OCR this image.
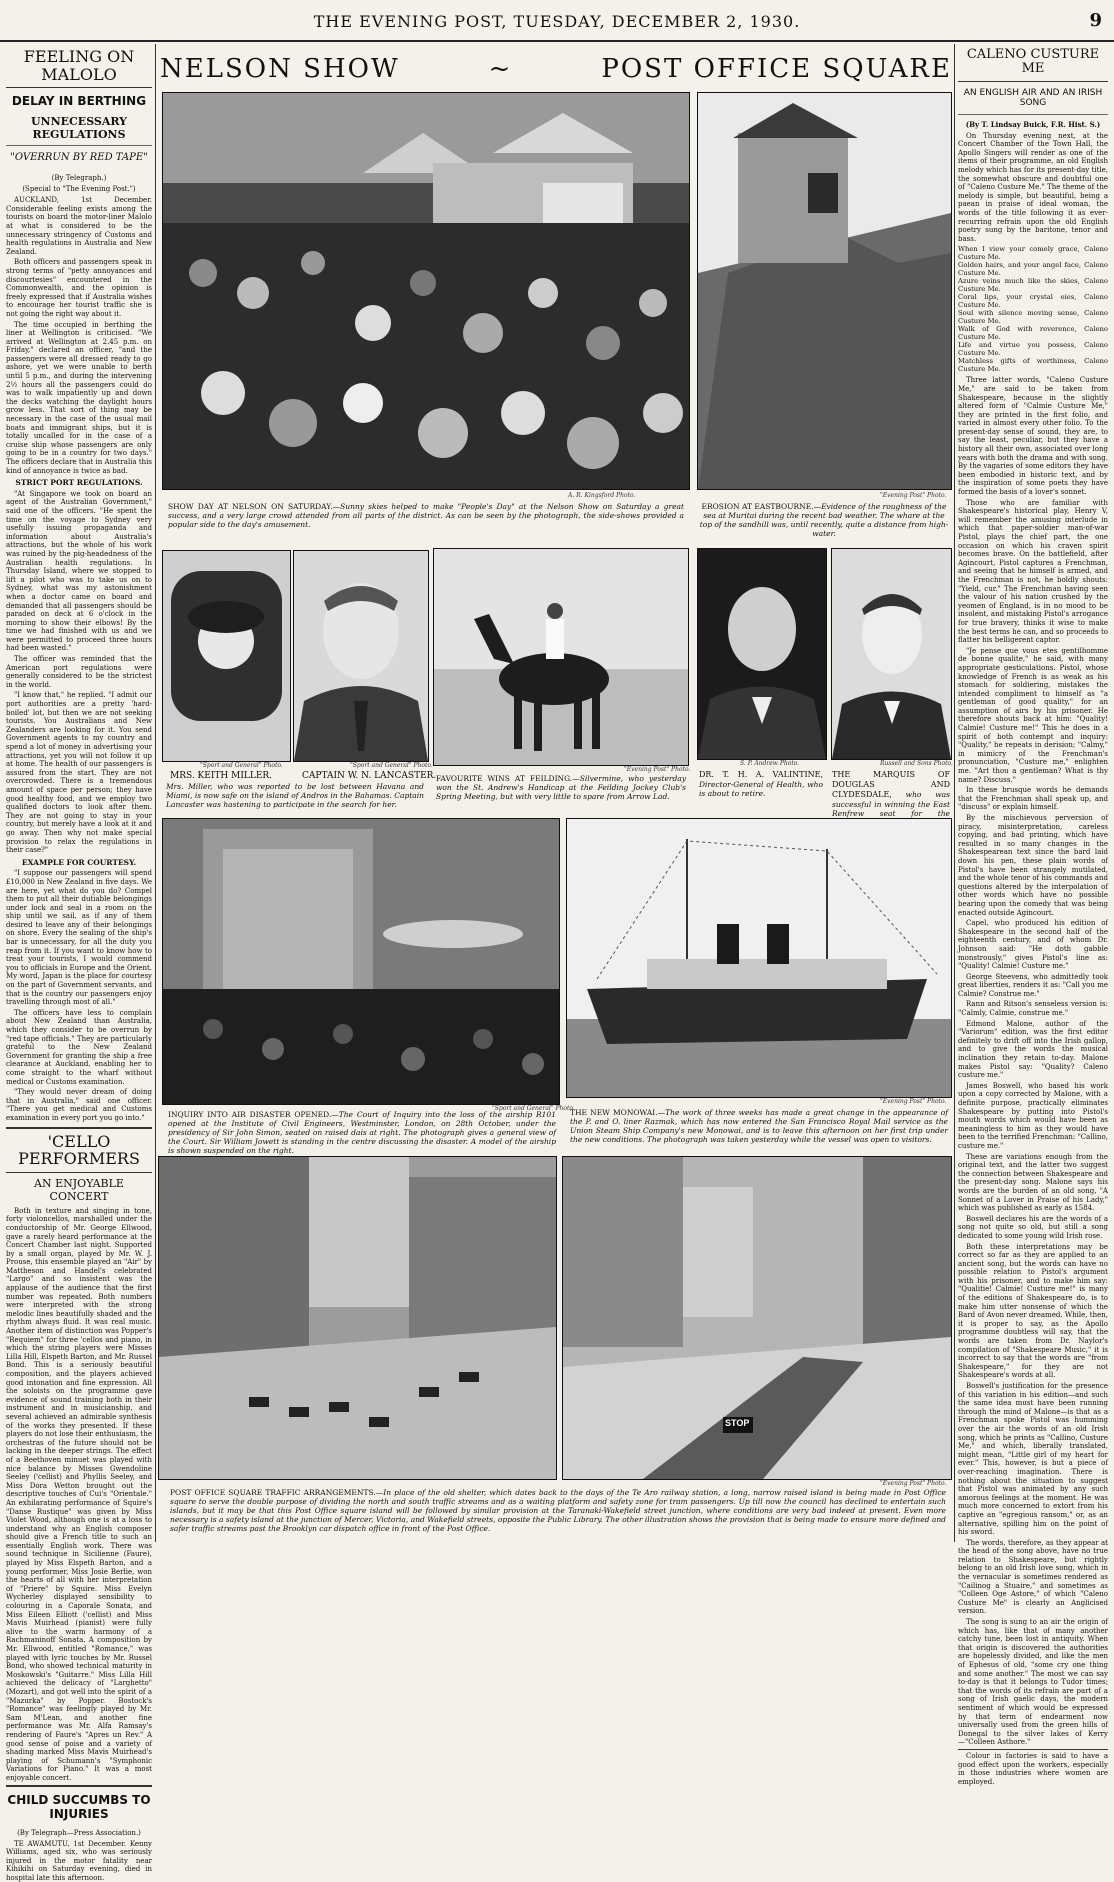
THE EVENING POST, TUESDAY, DECEMBER 2, 1930.	9
FEELING ON MALOLO
DELAY IN BERTHING
UNNECESSARY REGULATIONS
"OVERRUN BY RED TAPE"
(By Telegraph.)
(Special to "The Evening Post.")

AUCKLAND, 1st December. Considerable feeling exists among the tourists on board the motor-liner Malolo at what is considered to be the unnecessary stringency of Customs and health regulations in Australia and New Zealand.

Both officers and passengers speak in strong terms of "petty annoyances and discourtesies" encountered in the Commonwealth, and the opinion is freely expressed that if Australia wishes to encourage her tourist traffic she is not going the right way about it.

The time occupied in berthing the liner at Wellington is criticised. "We arrived at Wellington at 2.45 p.m. on Friday," declared an officer, "and the passengers were all dressed ready to go ashore, yet we were unable to berth until 5 p.m., and during the intervening 2½ hours all the passengers could do was to walk impatiently up and down the decks watching the daylight hours grow less. That sort of thing may be necessary in the case of the usual mail boats and immigrant ships, but it is totally uncalled for in the case of a cruise ship whose passengers are only going to be in a country for two days." The officers declare that in Australia this kind of annoyance is twice as bad.

STRICT PORT REGULATIONS.

"At Singapore we took on board an agent of the Australian Government," said one of the officers. "He spent the time on the voyage to Sydney very usefully issuing propaganda and information about Australia's attractions, but the whole of his work was ruined by the pig-headedness of the Australian health regulations. In Thursday Island, where we stopped to lift a pilot who was to take us on to Sydney, what was my astonishment when a doctor came on board and demanded that all passengers should be paraded on deck at 6 o'clock in the morning to show their elbows! By the time we had finished with us and we were permitted to proceed three hours had been wasted."

The officer was reminded that the American port regulations were generally considered to be the strictest in the world.

"I know that," he replied. "I admit our port authorities are a pretty 'hard-boiled' lot, but then we are not seeking tourists. You Australians and New Zealanders are looking for it. You send Government agents to my country and spend a lot of money in advertising your attractions, yet you will not follow it up at home. The health of our passengers is assured from the start. They are not overcrowded. There is a tremendous amount of space per person; they have good healthy food, and we employ two qualified doctors to look after them. They are not going to stay in your country, but merely have a look at it and go away. Then why not make special provision to relax the regulations in their case?"

EXAMPLE FOR COURTESY.

"I suppose our passengers will spend £10,000 in New Zealand in five days. We are here, yet what do you do? Compel them to put all their dutiable belongings under lock and seal in a room on the ship until we sail, as if any of them desired to leave any of their belongings on shore. Every the sealing of the ship's bar is unnecessary, for all the duty you reap from it. If you want to know how to treat your tourists, I would commend you to officials in Europe and the Orient. My word, Japan is the place for courtesy on the part of Government servants, and that is the country our passengers enjoy travelling through most of all."

The officers have less to complain about New Zealand than Australia, which they consider to be overrun by "red tape officials." They are particularly grateful to the New Zealand Government for granting the ship a free clearance at Auckland, enabling her to come straight to the wharf without medical or Customs examination.

"They would never dream of doing that in Australia," said one officer. "There you get medical and Customs examination in every port you go into."

'CELLO PERFORMERS
AN ENJOYABLE CONCERT

Both in texture and singing in tone, forty violoncellos, marshalled under the conductorship of Mr. George Ellwood, gave a rarely heard performance at the Concert Chamber last night. Supported by a small organ, played by Mr. W. J. Prouse, this ensemble played an "Air" by Mattheson and Handel's celebrated "Largo" and so insistent was the applause of the audience that the first number was repeated. Both numbers were interpreted with the strong melodic lines beautifully shaded and the rhythm always fluid. It was real music. Another item of distinction was Popper's "Requiem" for three 'cellos and piano, in which the string players were Misses Lilla Hill, Elspeth Barton, and Mr. Russel Bond. This is a seriously beautiful composition, and the players achieved good intonation and fine expression. All the soloists on the programme gave evidence of sound training both in their instrument and in musicianship, and several achieved an admirable synthesis of the works they presented. If these players do not lose their enthusiasm, the orchestras of the future should not be lacking in the deeper strings. The effect of a Beethoven minuet was played with nice balance by Misses Gwendoline Seeley ('cellist) and Phyllis Seeley, and Miss Dora Wetton brought out the descriptive touches of Cui's "Orientale." An exhilarating performance of Squire's "Danse Rustique" was given by Miss Violet Wood, although one is at a loss to understand why an English composer should give a French title to such an essentially English work. There was sound technique in Sicilienne (Faure), played by Miss Elspeth Barton, and a young performer, Miss Josie Berlie, won the hearts of all with her interpretation of "Priere" by Squire. Miss Evelyn Wycherley displayed sensibility to colouring in a Caporale Sonata, and Miss Eileen Elliott ('cellist) and Miss Mavis Muirhead (pianist) were fully alive to the warm harmony of a Rachmaninoff Sonata. A composition by Mr. Ellwood, entitled "Romance," was played with lyric touches by Mr. Russel Bond, who showed technical maturity in Moskowski's "Guitarre." Miss Lilla Hill achieved the delicacy of "Larghetto" (Mozart), and got well into the spirit of a "Mazurka" by Popper. Bostock's "Romance" was feelingly played by Mr. Sam M'Lean, and another fine performance was Mr. Alfa Ramsay's rendering of Faure's "Apres un Rev." A good sense of poise and a variety of shading marked Miss Mavis Muirhead's playing of Schumann's "Symphonic Variations for Piano." It was a most enjoyable concert.

CHILD SUCCUMBS TO INJURIES
(By Telegraph—Press Association.)

TE AWAMUTU, 1st December. Kenny Williams, aged six, who was seriously injured in the motor fatality near Kihikihi on Saturday evening, died in hospital late this afternoon.

CALENO CUSTURE ME
AN ENGLISH AIR AND AN IRISH SONG
(By T. Lindsay Buick, F.R. Hist. S.)

On Thursday evening next, at the Concert Chamber of the Town Hall, the Apollo Singers will render as one of the items of their programme, an old English melody which has for its present-day title, the somewhat obscure and doubtful one of "Caleno Custure Me." The theme of the melody is simple, but beautiful, being a paean in praise of ideal woman, the words of the title following it as ever-recurring refrain upon the old English poetry sung by the baritone, tenor and bass.

When I view your comely grace, Caleno Custure Me.
Golden hairs, and your angel face, Caleno Custure Me.
Azure veins much like the skies, Caleno Custure Me.
Coral lips, your crystal eies, Caleno Custure Me.
Soul with silence moving sense, Caleno Custure Me.
Walk of God with reverence, Caleno Custure Me.
Life and virtue you possess, Caleno Custure Me.
Matchless gifts of worthiness, Caleno Custure Me.

Three latter words, "Caleno Custure Me," are said to be taken from Shakespeare, because in the slightly altered form of "Calmie Custure Me," they are printed in the first folio, and varied in almost every other folio. To the present-day sense of sound, they are, to say the least, peculiar, but they have a history all their own, associated over long years with both the drama and with song. By the vagaries of some editors they have been embodied in historic text, and by the inspiration of some poets they have formed the basis of a lover's sonnet.

Those who are familiar with Shakespeare's historical play, Henry V, will remember the amusing interlude in which that paper-soldier man-of-war Pistol, plays the chief part, the one occasion on which his craven spirit becomes brave. On the battlefield, after Agincourt, Pistol captures a Frenchman, and seeing that he himself is armed, and the Frenchman is not, he boldly shouts: "Yield, cur." The Frenchman having seen the valour of his nation crushed by the yeomen of England, is in no mood to be insolent, and mistaking Pistol's arrogance for true bravery, thinks it wise to make the best terms he can, and so proceeds to flatter his belligerent captor.

"Je pense que vous etes gentilhomme de bonne qualite," he said, with many appropriate gesticulations. Pistol, whose knowledge of French is as weak as his stomach for soldiering, mistakes the intended compliment to himself as "a gentleman of good quality," for an assumption of airs by his prisoner. He therefore shouts back at him: "Quality! Calmie! Custure me!" This he does in a spirit of both contempt and inquiry: "Quality," he repeats in derision; "Calmy," in mimicry of the Frenchman's pronunciation, "Custure me," enlighten me. "Art thou a gentleman? What is thy name? Discuss."

In these brusque words he demands that the Frenchman shall speak up, and "discuss" or explain himself.

By the mischievous perversion of piracy, misinterpretation, careless copying, and bad printing, which have resulted in so many changes in the Shakespearean text since the bard laid down his pen, these plain words of Pistol's have been strangely mutilated, and the whole tenor of his commands and questions altered by the interpolation of other words which have no possible bearing upon the comedy that was being enacted outside Agincourt.

Capel, who produced his edition of Shakespeare in the second half of the eighteenth century, and of whom Dr. Johnson said: "He doth gabble monstrously," gives Pistol's line as: "Quality! Calmie! Custure me."

George Steevens, who admittedly took great liberties, renders it as: "Call you me Calmie? Construe me."

Rann and Ritson's senseless version is: "Calmly, Calmie, construe me."

Edmond Malone, author of the "Variorum" edition, was the first editor definitely to drift off into the Irish gallop, and to give the words the musical inclination they retain to-day. Malone makes Pistol say: "Quality? Caleno custure me."

James Boswell, who based his work upon a copy corrected by Malone, with a definite purpose, practically eliminates Shakespeare by putting into Pistol's mouth words which would have been as meaningless to him as they would have been to the terrified Frenchman: "Callino, custure me."

These are variations enough from the original text, and the latter two suggest the connection between Shakespeare and the present-day song. Malone says his words are the burden of an old song, "A Sonnet of a Lover in Praise of his Lady," which was published as early as 1584.

Boswell declares his are the words of a song not quite so old, but still a song dedicated to some young wild Irish rose.

Both these interpretations may be correct so far as they are applied to an ancient song, but the words can have no possible relation to Pistol's argument with his prisoner, and to make him say: "Qualitie! Calmie! Custure me!" is many of the editions of Shakespeare do, is to make him utter nonsense of which the Bard of Avon never dreamed. While, then, it is proper to say, as the Apollo programme doubtless will say, that the words are taken from Dr. Naylor's compilation of "Shakespeare Music," it is incorrect to say that the words are "from Shakespeare," for they are not Shakespeare's words at all.

Boswell's justification for the presence of this variation in his edition—and such the same idea must have been running through the mind of Malone—is that as a Frenchman spoke Pistol was humming over the air the words of an old Irish song, which he prints as "Callino, Custure Me," and which, liberally translated, might mean, "Little girl of my heart for ever." This, however, is but a piece of over-reaching imagination. There is nothing about the situation to suggest that Pistol was animated by any such amorous feelings at the moment. He was much more concerned to extort from his captive an "egregious ransom," or, as an alternative, spilling him on the point of his sword.

The words, therefore, as they appear at the head of the song above, have no true relation to Shakespeare, but rightly belong to an old Irish love song, which in the vernacular is sometimes rendered as "Cailinog a Stuaire," and sometimes as "Colleen Oge Astore," of which "Caleno Custure Me" is clearly an Anglicised version.

The song is sung to an air the origin of which has, like that of many another catchy tune, been lost in antiquity. When that origin is discovered the authorities are hopelessly divided, and like the men of Ephesus of old, "some cry one thing and some another." The most we can say to-day is that it belongs to Tudor times; that the words of its refrain are part of a song of Irish gaelic days, the modern sentiment of which would be expressed by that term of endearment now universally used from the green hills of Donegal to the silver lakes of Kerry—"Colleen Asthore."

Colour in factories is said to have a good effect upon the workers, especially in those industries where women are employed.

NELSON SHOW	~	POST OFFICE SQUARE
A. R. Kingsford Photo.
SHOW DAY AT NELSON ON SATURDAY.—Sunny skies helped to make "People's Day" at the Nelson Show on Saturday a great success, and a very large crowd attended from all parts of the district. As can be seen by the photograph, the side-shows provided a popular side to the day's amusement.
"Evening Post" Photo.
EROSION AT EASTBOURNE.—Evidence of the roughness of the sea at Muritai during the recent bad weather. The whare at the top of the sandhill was, until recently, quite a distance from high-water.
"Sport and General" Photo.	"Sport and General" Photo.
MRS. KEITH MILLER.	CAPTAIN W. N. LANCASTER.
Mrs. Miller, who was reported to be lost between Havana and Miami, is now safe on the island of Andros in the Bahamas. Captain Lancaster was hastening to participate in the search for her.
"Evening Post" Photo.
FAVOURITE WINS AT FEILDING.—Silvermine, who yesterday won the St. Andrew's Handicap at the Feilding Jockey Club's Spring Meeting, but with very little to spare from Arrow Lad.
S. P. Andrew Photo.	Russell and Sons Photo.
DR. T. H. A. VALINTINE, Director-General of Health, who is about to retire.
THE MARQUIS OF DOUGLAS AND CLYDESDALE, who was successful in winning the East Renfrew seat for the
"Sport and General" Photo.
INQUIRY INTO AIR DISASTER OPENED.—The Court of Inquiry into the loss of the airship R101 opened at the Institute of Civil Engineers, Westminster, London, on 28th October, under the presidency of Sir John Simon, seated on raised dais at right. The photograph gives a general view of the Court. Sir William Jowett is standing in the centre discussing the disaster. A model of the airship is shown suspended on the right.
"Evening Post" Photo.
THE NEW MONOWAI.—The work of three weeks has made a great change in the appearance of the P. and O. liner Razmak, which has now entered the San Francisco Royal Mail service as the Union Steam Ship Company's new Monowai, and is to leave this afternoon on her first trip under the new conditions. The photograph was taken yesterday while the vessel was open to visitors.
STOP
"Evening Post" Photo.
POST OFFICE SQUARE TRAFFIC ARRANGEMENTS.—In place of the old shelter, which dates back to the days of the Te Aro railway station, a long, narrow raised island is being made in Post Office square to serve the double purpose of dividing the north and south traffic streams and as a waiting platform and safety zone for tram passengers. Up till now the council has declined to entertain such islands, but it may be that this Post Office square island will be followed by similar provision at the Taranaki-Wakefield street junction, where conditions are very bad indeed at present. Even more necessary is a safety island at the junction of Mercer, Victoria, and Wakefield streets, opposite the Public Library. The other illustration shows the provision that is being made to ensure more defined and safer traffic streams past the Brooklyn car dispatch office in front of the Post Office.
